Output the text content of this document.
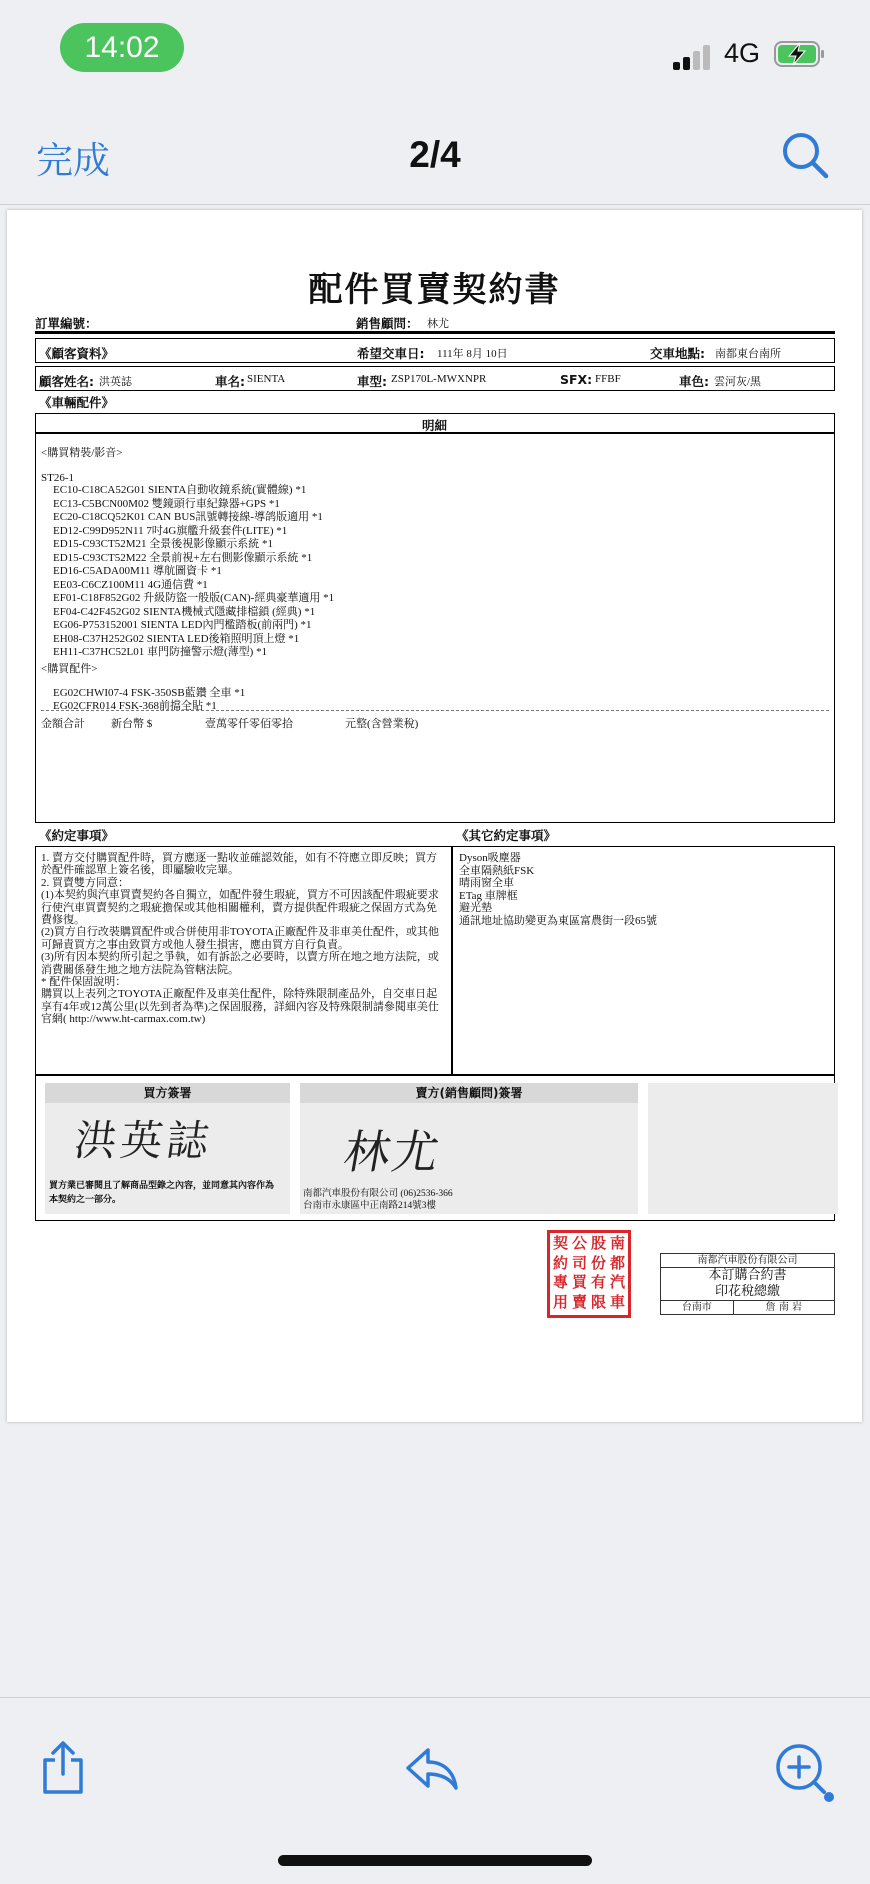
14:02	4G
完成	2/4
配件買賣契約書
訂單編號：	銷售顧問： 林尤
《顧客資料》	希望交車日: 111年 8月 10日	交車地點: 南都東台南所
顧客姓名: 洪英誌	車名: SIENTA	車型: ZSP170L-MWXNPR	SFX: FFBF	車色: 雲河灰/黑
《車輛配件》
明細
<購買精裝/影音>
ST26-1
EC10-C18CA52G01 SIENTA自動收鏡系統(實體線) *1
EC13-C5BCN00M02 雙鏡頭行車紀錄器+GPS *1
EC20-C18CQ52K01 CAN BUS訊號轉接線-導鸽版適用 *1
ED12-C99D952N11 7吋4G旗艦升級套件(LITE) *1
ED15-C93CT52M21 全景後視影像顯示系統 *1
ED15-C93CT52M22 全景前視+左右側影像顯示系統 *1
ED16-C5ADA00M11 導航圖資卡 *1
EE03-C6CZ100M11 4G通信費 *1
EF01-C18F852G02 升級防盜一般版(CAN)-經典豪華適用 *1
EF04-C42F452G02 SIENTA機械式隱藏排檔鎖 (經典) *1
EG06-P753152001 SIENTA LED內門檻踏板(前兩門) *1
EH08-C37H252G02 SIENTA LED後箱照明頂上燈 *1
EH11-C37HC52L01 車門防撞警示燈(薄型) *1
<購買配件>
EG02CHWI07-4 FSK-350SB藍鑽 全車 *1
EG02CFR014 FSK-368前擋全貼 *1
金額合計 新台幣 $	壹萬零仟零佰零拾	元整(含營業稅)
《約定事項》	《其它約定事項》
1. 賣方交付購買配件時，買方應逐一點收並確認效能，如有不符應立即反映；買方於配件確認單上簽名後，即屬驗收完畢。
2. 買賣雙方同意：
(1)本契約與汽車買賣契約各自獨立，如配件發生瑕疵，買方不可因該配件瑕疵要求行使汽車買賣契約之瑕疵擔保或其他相關權利，賣方提供配件瑕疵之保固方式為免費修復。
(2)買方自行改裝購買配件或合併使用非TOYOTA正廠配件及非車美仕配件，或其他可歸責買方之事由致買方或他人發生損害，應由買方自行負責。
(3)所有因本契約所引起之爭執，如有訴訟之必要時，以賣方所在地之地方法院，或消費關係發生地之地方法院為管轄法院。
* 配件保固說明：
購買以上表列之TOYOTA正廠配件及車美仕配件，除特殊限制產品外，自交車日起享有4年或12萬公里(以先到者為準)之保固服務，詳細內容及特殊限制請參閱車美仕官網( http://www.ht-carmax.com.tw)
Dyson吸塵器
全車隔熱紙FSK
晴雨窗全車
ETag 車牌框
避光墊
通訊地址協助變更為東區富農街一段65號
買方簽署
洪英誌
買方業已審閱且了解商品型錄之內容，並同意其內容作為本契約之一部分。
賣方(銷售顧問)簽署
林尤
南都汽車股份有限公司 (06)2536-366
台南市永康區中正南路214號3樓
契 公 股 南
約 司 份 都
專 買 有 汽
用 賣 限 車
南都汽車股份有限公司
本訂購合約書
印花稅總繳
台南市	詹 南 岩
